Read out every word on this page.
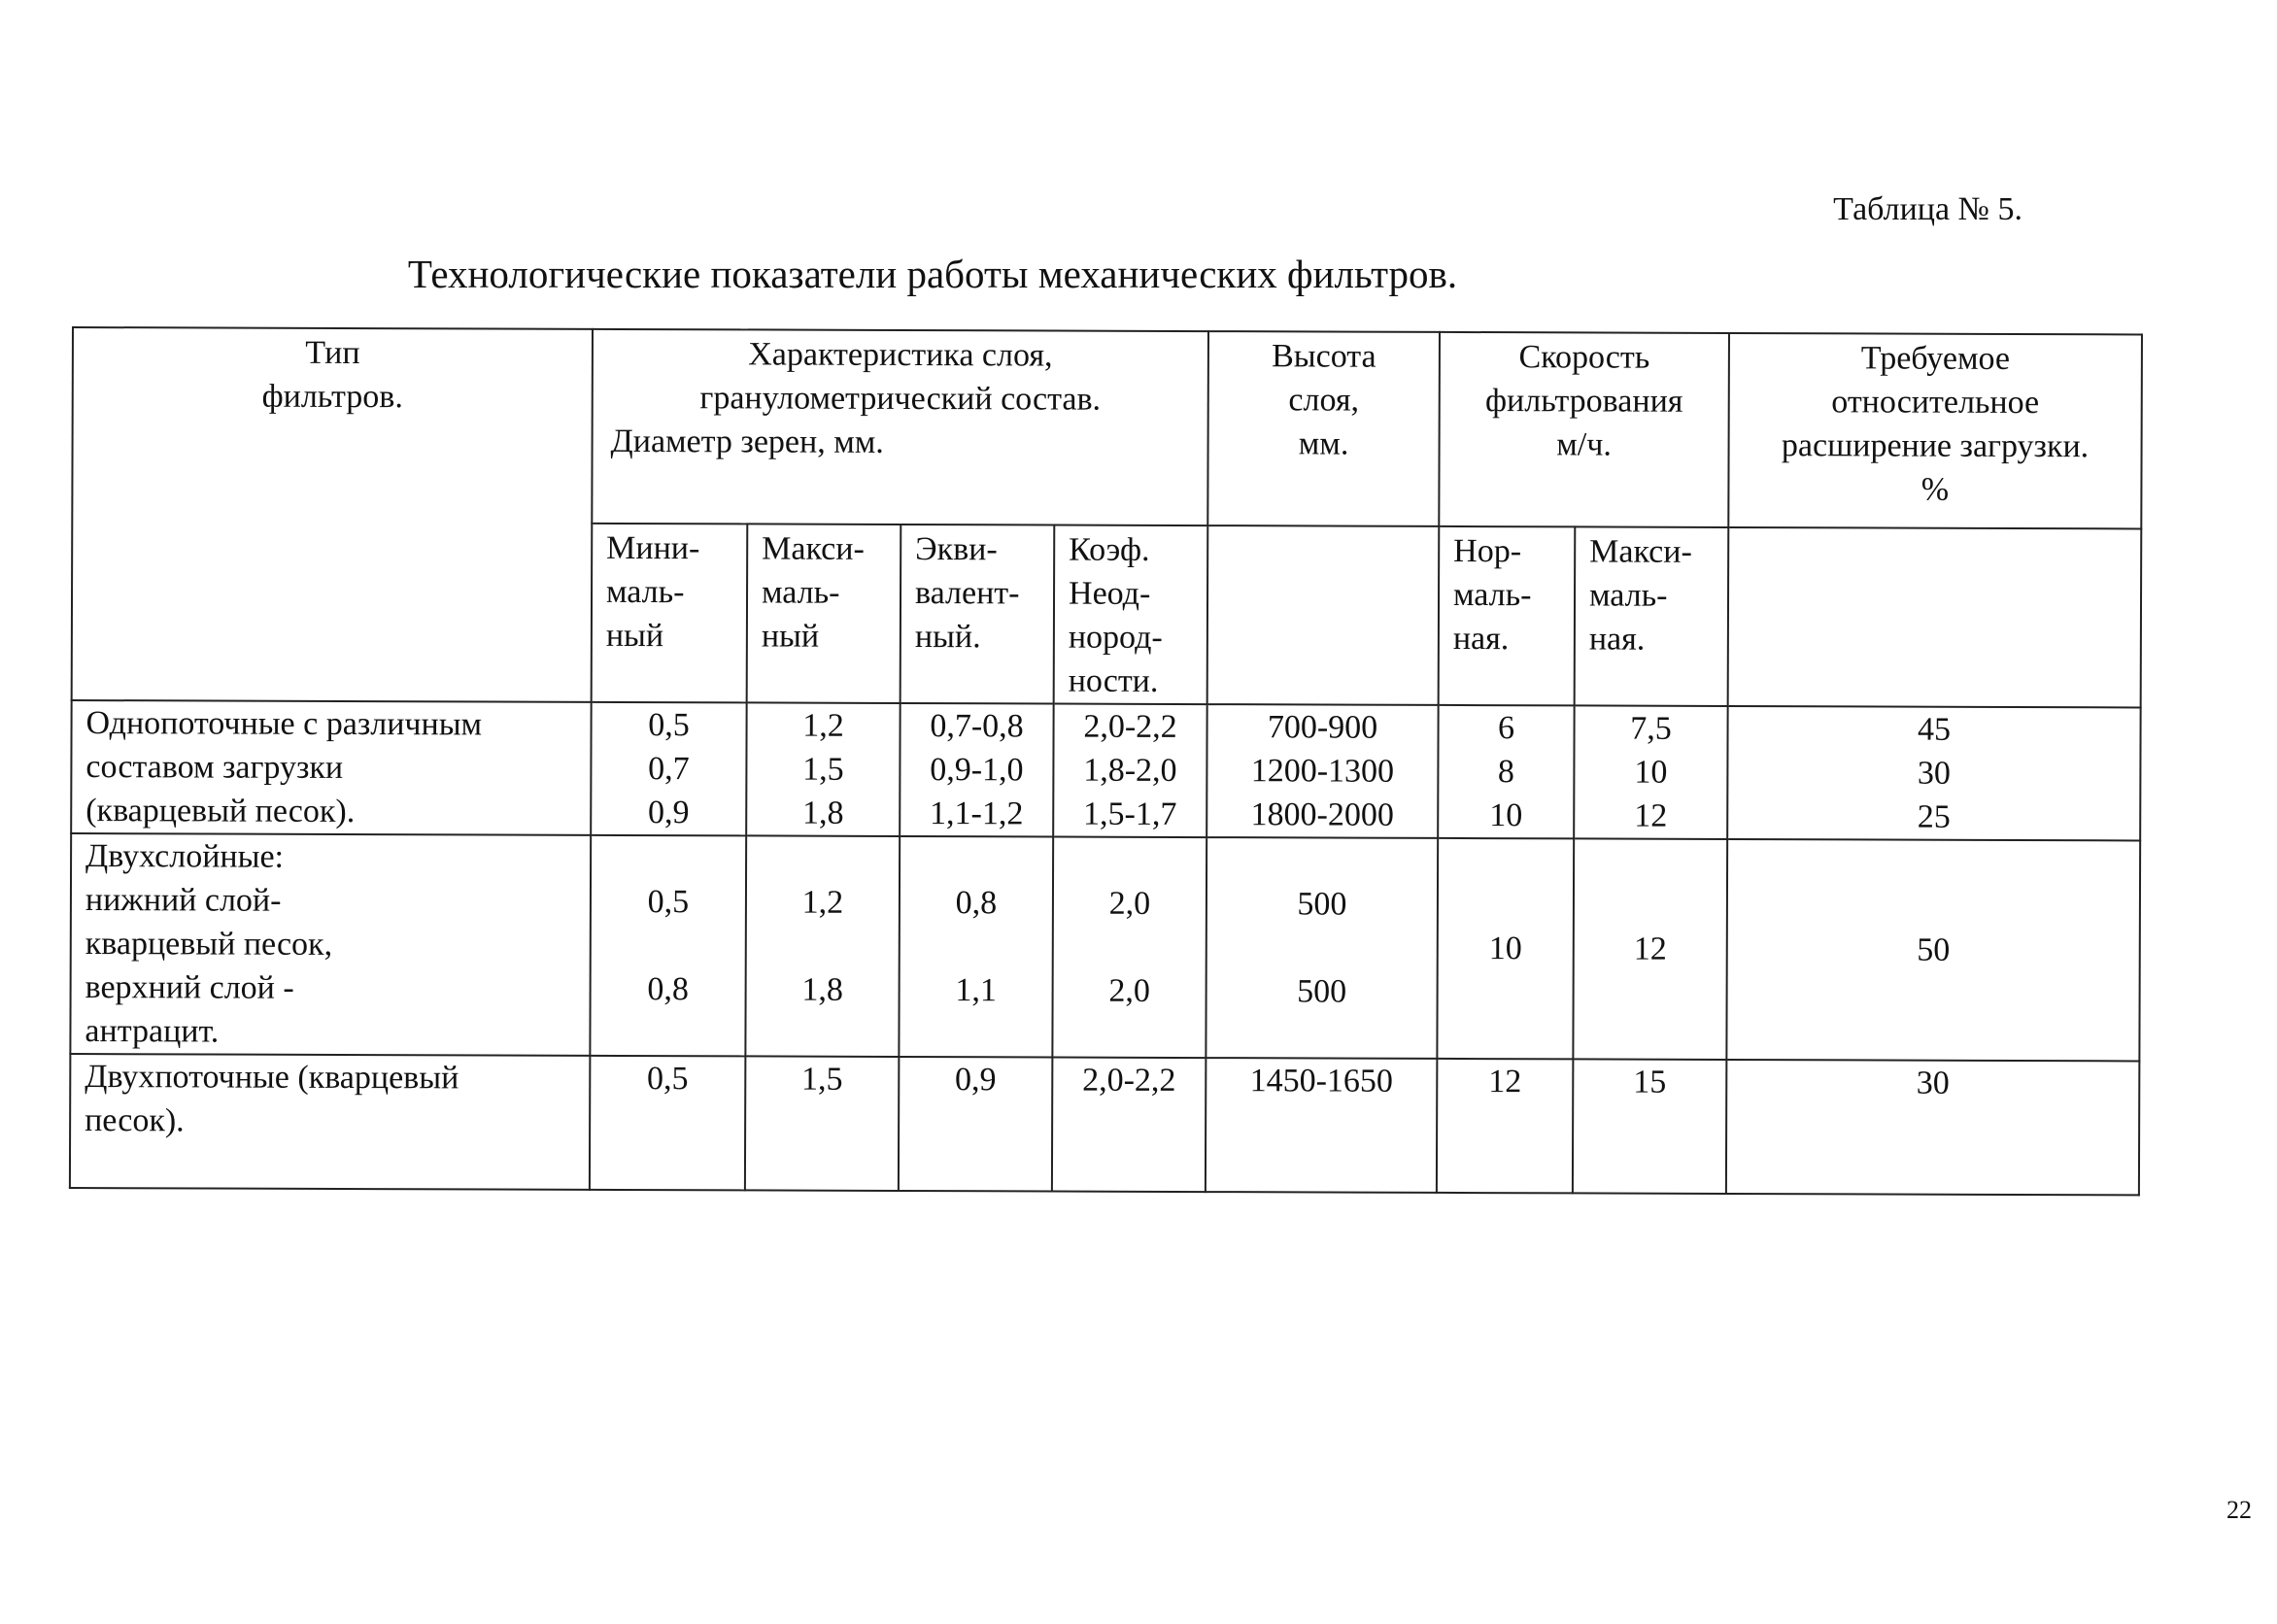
Таблица № 5.
Технологические показатели работы механических фильтров.
Тип
фильтров.	Характеристика слоя,
гранулометрический состав.
Диаметр зерен, мм.				Высота
слоя,
мм.	Скорость
фильтрования
м/ч.		Требуемое
относительное
расширение загрузки.
%

	Мини-
маль-
ный	Макси-
маль-
ный	Экви-
валент-
ный.	Коэф.
Неод-
нород-
ности.		Нор-
маль-
ная.	Макси-
маль-
ная.	

Однопоточные с различным
составом загрузки
(кварцевый песок).	0,5
0,7
0,9	1,2
1,5
1,8	0,7-0,8
0,9-1,0
1,1-1,2	2,0-2,2
1,8-2,0
1,5-1,7	700-900
1200-1300
1800-2000	6
8
10	7,5
10
12	45
30
25

Двухслойные:
нижний слой-
кварцевый песок,
верхний слой -
антрацит.	0,5
0,8	1,2
1,8	0,8
1,1	2,0
2,0	500
500	10	12	50

Двухпоточные (кварцевый
песок).	0,5	1,5	0,9	2,0-2,2	1450-1650	12	15	30
22
